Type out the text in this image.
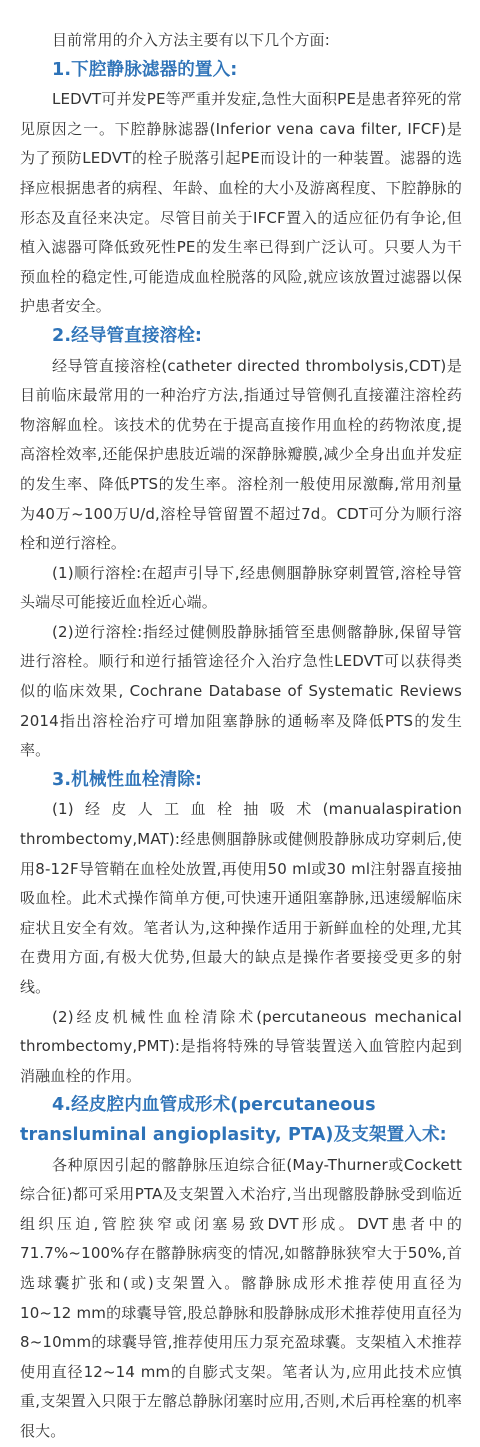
目前常用的介入方法主要有以下几个方面:

1.下腔静脉滤器的置入:

LEDVT可并发PE等严重并发症,急性大面积PE是患者猝死的常见原因之一。下腔静脉滤器(Inferior vena cava filter, IFCF)是为了预防LEDVT的栓子脱落引起PE而设计的一种装置。滤器的选择应根据患者的病程、年龄、血栓的大小及游离程度、下腔静脉的形态及直径来决定。尽管目前关于IFCF置入的适应征仍有争论,但植入滤器可降低致死性PE的发生率已得到广泛认可。只要人为干预血栓的稳定性,可能造成血栓脱落的风险,就应该放置过滤器以保护患者安全。

2.经导管直接溶栓:

经导管直接溶栓(catheter directed thrombolysis,CDT)是目前临床最常用的一种治疗方法,指通过导管侧孔直接灌注溶栓药物溶解血栓。该技术的优势在于提高直接作用血栓的药物浓度,提高溶栓效率,还能保护患肢近端的深静脉瓣膜,减少全身出血并发症的发生率、降低PTS的发生率。溶栓剂一般使用尿激酶,常用剂量为40万~100万U/d,溶栓导管留置不超过7d。CDT可分为顺行溶栓和逆行溶栓。

(1)顺行溶栓:在超声引导下,经患侧腘静脉穿刺置管,溶栓导管头端尽可能接近血栓近心端。

(2)逆行溶栓:指经过健侧股静脉插管至患侧髂静脉,保留导管进行溶栓。顺行和逆行插管途径介入治疗急性LEDVT可以获得类似的临床效果, Cochrane Database of Systematic Reviews 2014指出溶栓治疗可增加阻塞静脉的通畅率及降低PTS的发生率。

3.机械性血栓清除:

(1)经皮人工血栓抽吸术(manualaspiration thrombectomy,MAT):经患侧腘静脉或健侧股静脉成功穿刺后,使用8-12F导管鞘在血栓处放置,再使用50 ml或30 ml注射器直接抽吸血栓。此术式操作简单方便,可快速开通阻塞静脉,迅速缓解临床症状且安全有效。笔者认为,这种操作适用于新鲜血栓的处理,尤其在费用方面,有极大优势,但最大的缺点是操作者要接受更多的射线。

(2)经皮机械性血栓清除术(percutaneous mechanical thrombectomy,PMT):是指将特殊的导管装置送入血管腔内起到消融血栓的作用。

4.经皮腔内血管成形术(percutaneous transluminal angioplasity, PTA)及支架置入术:

各种原因引起的髂静脉压迫综合征(May-Thurner或Cockett综合征)都可采用PTA及支架置入术治疗,当出现髂股静脉受到临近组织压迫,管腔狭窄或闭塞易致DVT形成。DVT患者中的71.7%~100%存在髂静脉病变的情况,如髂静脉狭窄大于50%,首选球囊扩张和(或)支架置入。髂静脉成形术推荐使用直径为10~12 mm的球囊导管,股总静脉和股静脉成形术推荐使用直径为8~10mm的球囊导管,推荐使用压力泵充盈球囊。支架植入术推荐使用直径12~14 mm的自膨式支架。笔者认为,应用此技术应慎重,支架置入只限于左髂总静脉闭塞时应用,否则,术后再栓塞的机率很大。
